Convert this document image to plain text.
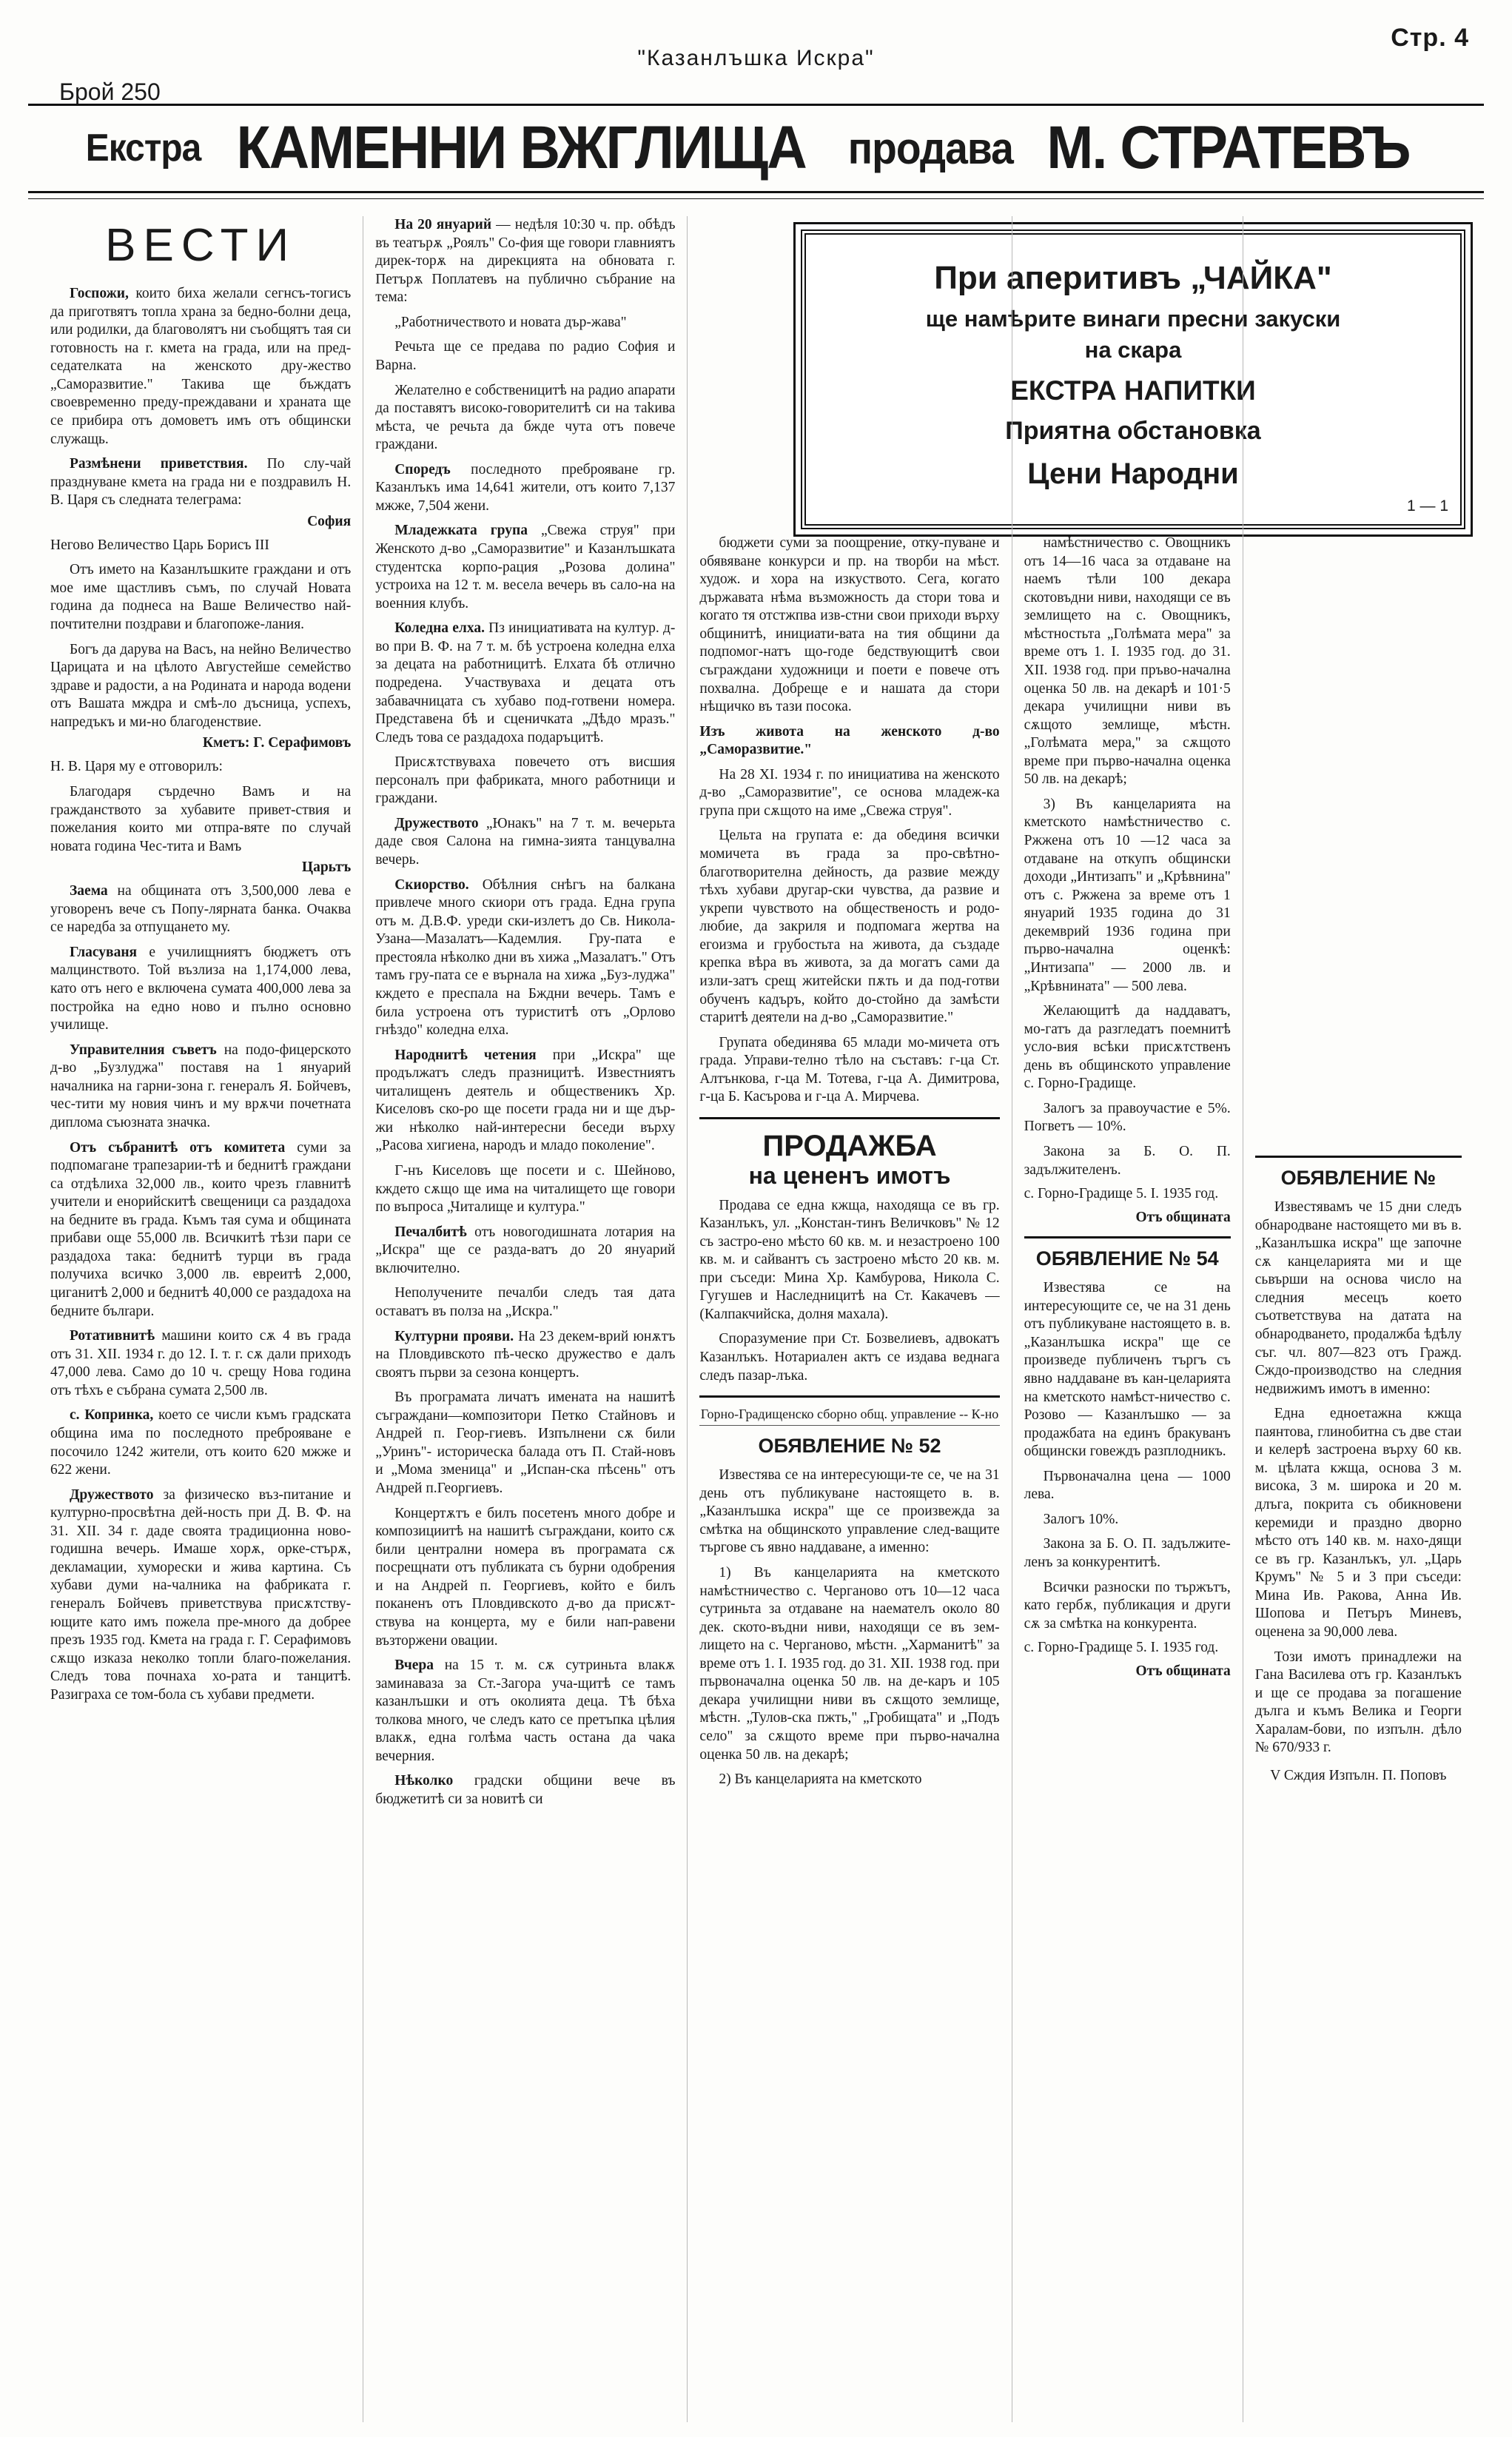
Стр. 4
"Казанлъшка Искра"
Брой 250
Екстра КАМЕННИ ВЖГЛИЩА продава М. СТРАТЕВЪ
При аперитивъ „ЧАЙКА"
ще намѣрите винаги пресни закуски
на скара
ЕКСТРА НАПИТКИ
Приятна обстановка
Цени Народни
1 — 1
ВЕСТИ

Госпожи, които биха желали сегнсъ-тогисъ да приготвятъ топла храна за бедно-болни деца, или родилки, да благоволятъ ни съобщятъ тая си готовность на г. кмета на града, или на пред-седателката на женското дру-жество „Саморазвитие." Такива ще бъждатъ своевременно преду-преждавани и храната ще се прибира отъ домоветъ имъ отъ общински служащь.

Размѣнени приветствия. По слу-чай празднуване кмета на града ни е поздравилъ Н. В. Царя съ следната телеграма:

София

Негово Величество Царь Борисъ III

Отъ името на Казанлъшките граждани и отъ мое име щастливъ съмъ, по случай Новата година да поднеса на Ваше Величество най-почтителни поздрави и благопоже-лания.

Богъ да дарува на Васъ, на нейно Величество Царицата и на цѣлото Августейше семейство здраве и радости, а на Родината и народа водени отъ Вашата мждра и смѣ-лo дъсница, успехъ, напредъкъ и ми-но благоденствие.

Кметъ: Г. Серафимовъ

Н. В. Царя му е отговорилъ:

Благодаря сърдечно Вамъ и на гражданството за хубавите привет-ствия и пожелания които ми отпра-вяте по случай новата година Чес-тита и Вамъ

Царьтъ

Заема на общината отъ 3,500,000 лева е уговоренъ вече съ Попу-лярната банка. Очаква се наредба за отпущането му.

Гласуваня е училищниятъ бюджетъ отъ малцинството. Той възлиза на 1,174,000 лева, като отъ него е включена сумата 400,000 лева за постройка на едно ново и пълно основно училище.

Управителния съветъ на подо-фицерското д-во „Бузлуджа" поставя на 1 януарий началника на гарни-зона г. генералъ Я. Бойчевъ, чес-тити му новия чинъ и му врѫчи почетната дипломa съюзната значка.

Отъ събранитѣ отъ комитета суми за подпомагане трапезарии-тѣ и беднитѣ граждани са отдѣлихa 32,000 лв., които чрезъ главнитѣ учители и енорийскитѣ свещеници са раздадоха на бедните въ града. Къмъ тая сума и общината прибави още 55,000 лв. Всичкитѣ тѣзи пари се раздадоха така: беднитѣ турци въ града получиха всичко 3,000 лв. евреитѣ 2,000, циганитѣ 2,000 и беднитѣ 40,000 се раздадоха на бедните бълrари.

Ротативнитѣ машини които сѫ 4 въ града отъ 31. XII. 1934 г. до 12. I. т. г. сѫ дали приходъ 47,000 лева. Само до 10 ч. срещу Нова година отъ тѣхъ е събрана сумата 2,500 лв.

с. Копринка, което се числи къмъ градската община има по последното преброяване е посочило 1242 жители, отъ които 620 мжже и 622 жени.

Дружеството за физическо въз-питание и културно-просвѣтна дей-ность при Д. В. Ф. на 31. XII. 34 г. даде своята традиционна ново-годишна вечерь. Имаше хорѫ, орке-стърѫ, декламации, хуморески и жива картина. Съ хубави думи на-чалника на фабриката г. генералъ Бойчевъ приветствува присѫтству-ющите като имъ пожела пре-много да добрее презъ 1935 год. Кмета на града г. Г. Серафимовъ сѫщо изказа неколко топли благо-пожелания. Следъ това почнаха хо-рата и танцитѣ. Разиграха се том-бола съ хубави предмети.

На 20 януарий — недѣля 10:30 ч. пр. обѣдъ въ театърѫ „Роялъ" Со-фия ще говори главниятъ дирек-торѫ на дирекцията на обновата г. Петърѫ Поплатевъ на публично събрание на тема:

„Работничеството и новата дър-жава"

Речьта ще се предава по радио София и Варна.

Желателно е собственицитѣ на радио апарати да поставятъ високо-говорителитѣ си на таkива мѣста, че речьта да бжде чута отъ повече граждани.

Споредъ последното преброяване гр. Казанлъкъ има 14,641 жители, отъ които 7,137 мжже, 7,504 жени.

Младежката група „Свежа струя" при Женското д-во „Саморазвитие" и Казанлъшката студентска корпо-рация „Розова долина" устроиха на 12 т. м. весела вечерь въ сало-на на военния клубъ.

Коледна елха. Пз инициативата на култур. д-во при В. Ф. на 7 т. м. бѣ устроена коледна елха за децата на работницитѣ. Елхата бѣ отлично подредена. Участвуваха и децата отъ забавачницата съ хубаво под-готвени номера. Представена бѣ и сценичката „Дѣдо мразъ." Следъ това се раздадоха подаръцитѣ.

Присѫтствуваха повечето отъ висшия персоналъ при фабриката, много работници и граждани.

Дружеството „Юнакъ" на 7 т. м. вечерьта даде своя Салона на гимна-зията танцувална вечерь.

Скиорство. Обѣлния снѣгъ на балкана привлече много скиори отъ града. Една група отъ м. Д.В.Ф. уреди ски-излетъ до Св. Никола-Узана—Мазалатъ—Кадемлия. Гру-пата е престояла нѣколко дни въ хижа „Мазалатъ." Отъ тамъ гру-пата се е върнала на хижа „Буз-луджа" кждето е преспала на Бждни вечерь. Тамъ е била устроена отъ туриститѣ отъ „Орлово гнѣздо" коледна елха.

Народнитѣ четения при „Искра" ще продължатъ следъ празницитѣ. Известниятъ читалищенъ деятель и общественикъ Хр. Киселовъ ско-ро ще посети града ни и ще дър-жи нѣколко най-интересни беседи върху „Расова хигиена, народъ и младо поколение".

Г-нъ Киселовъ ще посети и с. Шейново, кждето сѫщо ще има на читалището ще говори по въпроса „Читалище и култура."

Печалбитѣ отъ новогодишната лотария на „Искра" ще се разда-ватъ до 20 януарий включително.

Неполучените печалби следъ тая дата оставатъ въ полза на „Искра."

Културни прояви. На 23 декем-врий юнѫтъ на Пловдивското пѣ-ческо дружество е далъ своятъ първи за сезона концертъ.

Въ програмата личатъ имената на нашитѣ съграждани—композитори Петко Стайновъ и Андрей п. Геор-гиевъ. Изпълнени сѫ били „Уринъ"- историческа балада отъ П. Стай-новъ и „Мома зменица" и „Испан-ска пѣсень" отъ Андрей п.Георгиевъ.

Концертѫтъ е билъ посетенъ много добре и композициитѣ на нашитѣ съграждани, които сѫ били централни номера въ програмата сѫ посрещнати отъ публиката съ бурни одобрения и на Андрей п. Георгиевъ, който е билъ поканенъ отъ Пловдивското д-во да присѫт-ствува на концерта, му е били нап-равени възторжени овации.

Вчера на 15 т. м. сѫ сутриньта влакѫ заминаваза за Ст.-Загора уча-щитѣ се тамъ казанлъшки и отъ околията деца. Тѣ бѣха толкова много, че следъ като се претъпка цѣлия влакѫ, една голѣма часть остана да чака вечерния.

Нѣколко градски общини вече въ бюджетитѣ си за новитѣ си

бюджети суми за поощрение, отку-пуване и обявяване конкурси и пр. на творби на мѣст. худож. и хора на изкуството. Сега, когато държавата нѣма възможность да стори това и когато тя отстжпва изв-стни свои приходи върху общинитѣ, инициати-вата на тия общини да подпомог-натъ що-годе бедствующитѣ свои съграждани художници и поети е повече отъ похвална. Добреще е и нашата да стори нѣщичко въ тази посока.

Изъ живота на женското д-во „Саморазвитие."

На 28 XI. 1934 г. по инициатива на женското д-во „Саморазвитие", се основа младеж-ка група при сѫщото на име „Свежа струя".

Цельта на групата е: да обединя всички момичета въ града за про-свѣтно-благотворителна дейность, да развие между тѣхъ хубави другар-ски чувства, да развие и укрепи чувството на общественость и родо-любие, да закриля и подпомага жертва на егоизма и грубостьта на живота, да създаде крепка вѣра въ живота, за да могатъ сами да изли-затъ срещ житейски пѫть и да под-готви обученъ кадъръ, който до-стойно да замѣсти старитѣ деятели на д-во „Саморазвитие."

Групата обединява 65 млади мо-мичета отъ града. Управи-телно тѣло на съставъ: г-ца Ст. Алтънкова, г-ца М. Тотева, г-ца А. Димитрова, г-ца Б. Касърова и г-ца А. Мирчева.

ПРОДАЖБА
на цененъ имотъ

Продава се една кжща, находяща се въ гр. Казанлъкъ, ул. „Констан-тинъ Величковъ" № 12 съ застро-ено мѣсто 60 кв. м. и незастроено 100 кв. м. и сайвантъ съ застроено мѣсто 20 кв. м. при съседи: Мина Хр. Камбурова, Никола С. Гугушев и Наследницитѣ на Ст. Какачевъ — (Калпакчийска, долня махала).

Споразумение при Ст. Бозвелиевъ, адвокатъ Казанлъкъ. Нотариален актъ се издава веднага следъ пазар-лъка.

Горно-Градищенско сборно общ. управление -- К-но
ОБЯВЛЕНИЕ № 52

Известява се на интересующи-те се, че на 31 день отъ публикуване настоящето в. в. „Казанлъшка искра" ще се произвежда за смѣтка на общинското управление след-ващите търгове съ явно наддаване, а именно:

1) Въ канцеларията на кметското намѣстничество с. Черганово отъ 10—12 часа сутриньта за отдаване на наемателъ около 80 дек. ското-въдни ниви, находящи се въ зем-лището на с. Черганово, мѣстн. „Харманитѣ" за време отъ 1. I. 1935 год. до 31. XII. 1938 год. при първоначална оценка 50 лв. на де-каръ и 105 декара училищни ниви въ сѫщото землище, мѣстн. „Тулов-ска пжть," „Гробищата" и „Подъ село" за сѫщото време при първо-начална оценка 50 лв. на декарѣ;

2) Въ канцеларията на кметското

намѣстничество с. Овощникъ отъ 14—16 часа за отдаване на наемъ тѣли 100 декара скотовъдни ниви, находящи се въ землището на с. Овощникъ, мѣстностьта „Голѣмата мера" за време отъ 1. I. 1935 год. до 31. XII. 1938 год. при пръво-начална оценка 50 лв. на декарѣ и 101·5 декара училищни ниви въ сѫщото землище, мѣстн. „Голѣмата мера," за сѫщото време при първо-начална оценка 50 лв. на декарѣ;

3) Въ канцеларията на кметското намѣстничество с. Ржжена отъ 10 —12 часа за отдаване на откупъ общински доходи „Интизапъ" и „Крѣвнина" отъ с. Ржжена за време отъ 1 януарий 1935 година до 31 декемврий 1936 година при първо-начална оценкѣ: „Интизапа" — 2000 лв. и „Крѣвнината" — 500 лева.

Жeлающитѣ да наддаватъ, мо-гатъ да разгледатъ поемнитѣ усло-вия всѣки присѫтственъ день въ общинското управление с. Горно-Градище.

Залогъ за правоучастие е 5%. Погветъ — 10%.

Закона за Б. О. П. задължителенъ.

с. Горно-Градище 5. I. 1935 год.
Отъ общината
ОБЯВЛЕНИЕ № 54

Известява се на интересующите се, че на 31 день отъ публикуване настоящето в. в. „Казанлъшка искра" ще се произведе публиченъ търгъ съ явно наддаване въ кан-целарията на кметското намѣст-ничество с. Розово — Казанлъшко — за продажбата на единъ бракуванъ общински говеждъ разплодникъ.

Първоначална цена — 1000 лева.

Залогъ 10%.

Закона за Б. О. П. задължите-ленъ за конкурентитѣ.

Всички разноски по тържътъ, като гербѫ, публикация и други сѫ за смѣтка на конкурента.

с. Горно-Градище 5. I. 1935 год.
Отъ общината
ОБЯВЛЕНИЕ №

Известявамъ че 15 дни следъ обнародване настоящето ми въ в. „Казанлъшка искра" ще започне сѫ канцеларията ми и ще сьвърши на основа число на следния месецъ което съответствува на датата на обнародването, продалжба ѣдѣлу съг. чл. 807—823 отъ Гражд. Сждо-производство на следния недвижимъ имотъ в именно:

Една едноетажна кжща паянтова, глинобитна съ две стаи и келерѣ застроена върху 60 кв. м. цѣлата кжща, основа 3 м. висока, 3 м. широка и 20 м. длъга, покрита съ обикновени керемиди и празднo дворно мѣсто отъ 140 кв. м. нахо-дящи се въ гр. Казанлъкъ, ул. „Царь Крумъ" № 5 и 3 при съседи: Мина Ив. Ракова, Анна Ив. Шопова и Петъръ Миневъ, оценена за 90,000 лева.

Този имотъ принадлежи на Гана Василева отъ гр. Казанлъкъ и ще се продава за погашение дълга и къмъ Велика и Георги Харалам-бови, по изпълн. дѣло № 670/933 г.

V Сждия Изпълн. П. Поповъ
